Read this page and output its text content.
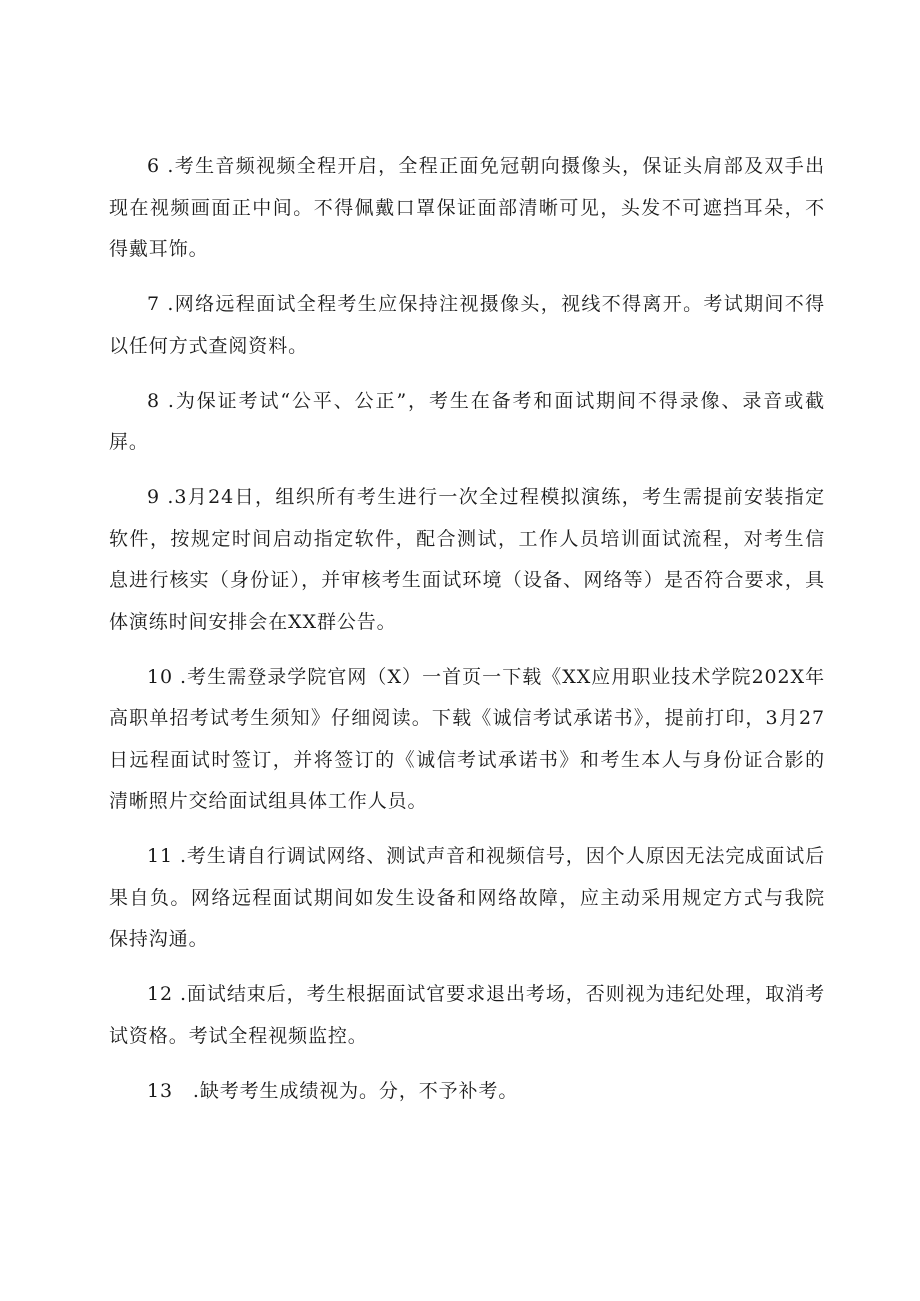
6 .考生音频视频全程开启，全程正面免冠朝向摄像头，保证头肩部及双手出现在视频画面正中间。不得佩戴口罩保证面部清晰可见，头发不可遮挡耳朵，不得戴耳饰。

7 .网络远程面试全程考生应保持注视摄像头，视线不得离开。考试期间不得以任何方式查阅资料。

8 .为保证考试“公平、公正”，考生在备考和面试期间不得录像、录音或截屏。

9 .3月24日，组织所有考生进行一次全过程模拟演练，考生需提前安装指定软件，按规定时间启动指定软件，配合测试，工作人员培训面试流程，对考生信息进行核实（身份证），并审核考生面试环境（设备、网络等）是否符合要求，具体演练时间安排会在XX群公告。

10 .考生需登录学院官网（X）一首页一下载《XX应用职业技术学院202X年高职单招考试考生须知》仔细阅读。下载《诚信考试承诺书》，提前打印，3月27日远程面试时签订，并将签订的《诚信考试承诺书》和考生本人与身份证合影的清晰照片交给面试组具体工作人员。

11 .考生请自行调试网络、测试声音和视频信号，因个人原因无法完成面试后果自负。网络远程面试期间如发生设备和网络故障，应主动采用规定方式与我院保持沟通。

12 .面试结束后，考生根据面试官要求退出考场，否则视为违纪处理，取消考试资格。考试全程视频监控。

13　.缺考考生成绩视为。分，不予补考。
